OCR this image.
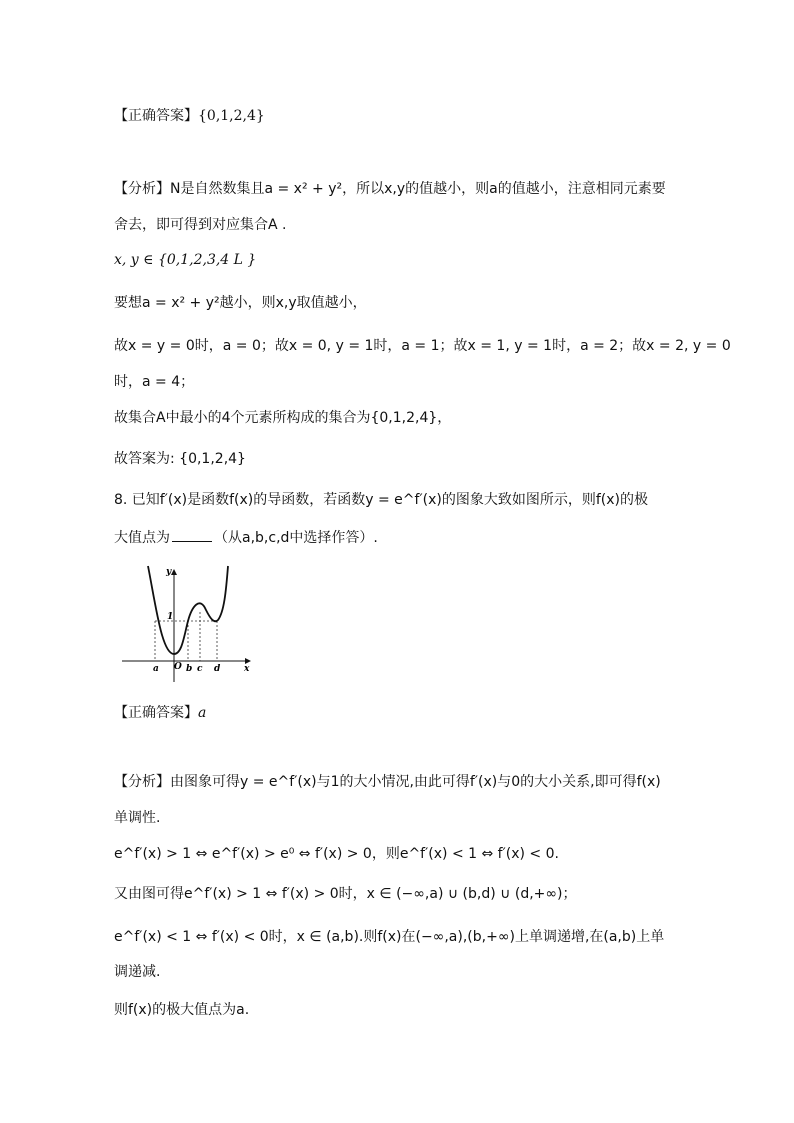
【正确答案】{0,1,2,4}
【分析】N是自然数集且a = x² + y²，所以x,y的值越小，则a的值越小，注意相同元素要
舍去，即可得到对应集合A .
x, y ∈ {0,1,2,3,4 L }
要想a = x² + y²越小，则x,y取值越小，
故x = y = 0时，a = 0；故x = 0, y = 1时，a = 1；故x = 1, y = 1时，a = 2；故x = 2, y = 0
时，a = 4；
故集合A中最小的4个元素所构成的集合为{0,1,2,4}，
故答案为: {0,1,2,4}
8. 已知f′(x)是函数f(x)的导函数，若函数y = e^f′(x)的图象大致如图所示，则f(x)的极
大值点为	（从a,b,c,d中选择作答）.
y
1
O
a	b c d	x
【正确答案】a
【分析】由图象可得y = e^f′(x)与1的大小情况,由此可得f′(x)与0的大小关系,即可得f(x)
单调性.
e^f′(x) > 1 ⇔ e^f′(x) > e⁰ ⇔ f′(x) > 0，则e^f′(x) < 1 ⇔ f′(x) < 0.
又由图可得e^f′(x) > 1 ⇔ f′(x) > 0时，x ∈ (−∞,a) ∪ (b,d) ∪ (d,+∞)；
e^f′(x) < 1 ⇔ f′(x) < 0时，x ∈ (a,b).则f(x)在(−∞,a),(b,+∞)上单调递增,在(a,b)上单
调递减.
则f(x)的极大值点为a.
